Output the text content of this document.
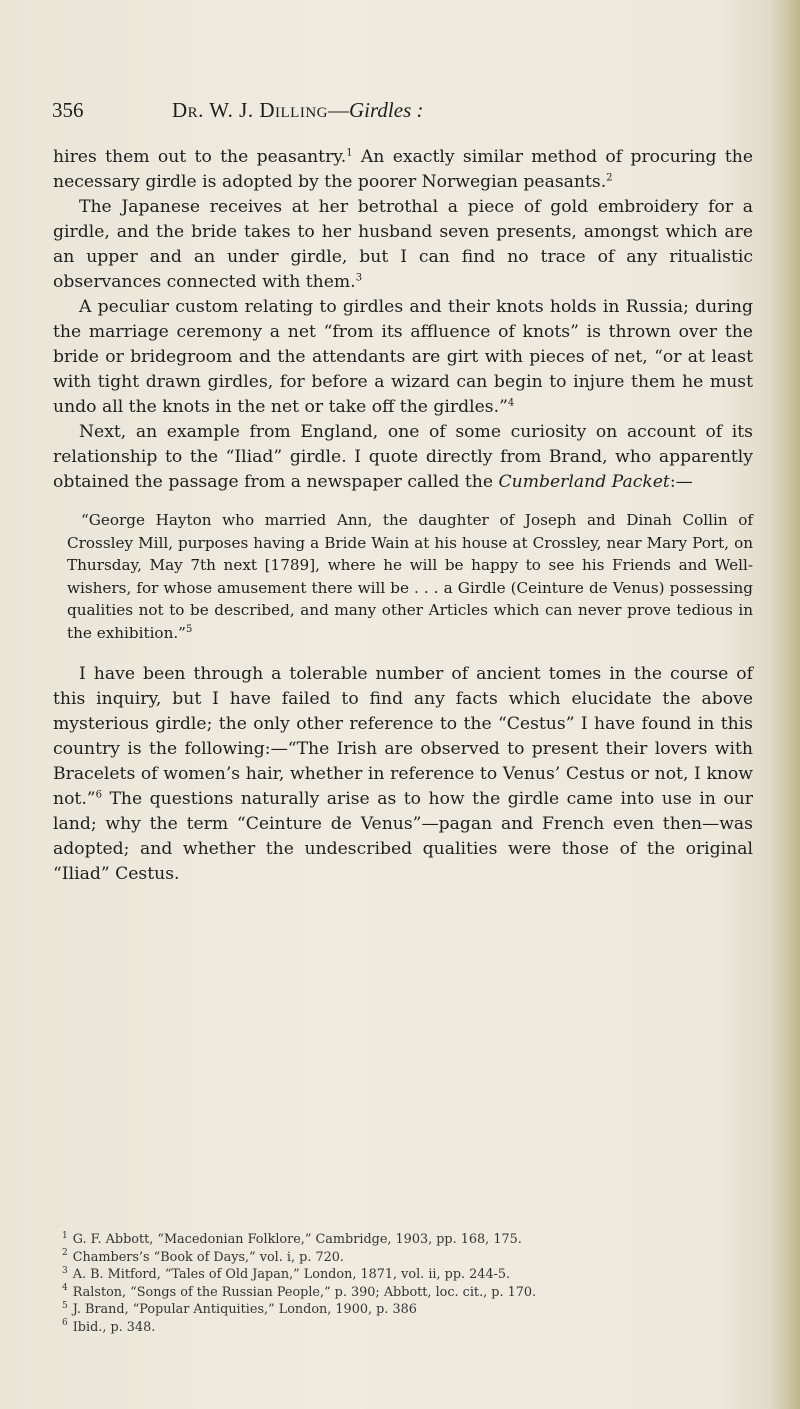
356	Dr. W. J. Dilling—Girdles :

hires them out to the peasantry.$^1$ An exactly similar method of procuring the necessary girdle is adopted by the poorer Norwegian peasants.$^2$

The Japanese receives at her betrothal a piece of gold embroidery for a girdle, and the bride takes to her husband seven presents, amongst which are an upper and an under girdle, but I can find no trace of any ritualistic observances connected with them.$^3$

A peculiar custom relating to girdles and their knots holds in Russia; during the marriage ceremony a net “from its affluence of knots” is thrown over the bride or bridegroom and the attendants are girt with pieces of net, “or at least with tight drawn girdles, for before a wizard can begin to injure them he must undo all the knots in the net or take off the girdles.”$^4$

Next, an example from England, one of some curiosity on account of its relationship to the “Iliad” girdle. I quote directly from Brand, who apparently obtained the passage from a newspaper called the Cumberland Packet:—

“George Hayton who married Ann, the daughter of Joseph and Dinah Collin of Crossley Mill, purposes having a Bride Wain at his house at Crossley, near Mary Port, on Thursday, May 7th next [1789], where he will be happy to see his Friends and Well-wishers, for whose amusement there will be . . . a Girdle (Ceinture de Venus) possessing qualities not to be described, and many other Articles which can never prove tedious in the exhibition.”$^5$

I have been through a tolerable number of ancient tomes in the course of this inquiry, but I have failed to find any facts which elucidate the above mysterious girdle; the only other reference to the “Cestus” I have found in this country is the following:—“The Irish are observed to present their lovers with Bracelets of women’s hair, whether in reference to Venus’ Cestus or not, I know not.”$^6$ The questions naturally arise as to how the girdle came into use in our land; why the term “Ceinture de Venus”—pagan and French even then—was adopted; and whether the undescribed qualities were those of the original “Iliad” Cestus.

$^1$ G. F. Abbott, “Macedonian Folklore,” Cambridge, 1903, pp. 168, 175.
$^2$ Chambers’s “Book of Days,” vol. i, p. 720.
$^3$ A. B. Mitford, “Tales of Old Japan,” London, 1871, vol. ii, pp. 244-5.
$^4$ Ralston, “Songs of the Russian People,” p. 390; Abbott, loc. cit., p. 170.
$^5$ J. Brand, “Popular Antiquities,” London, 1900, p. 386
$^6$ Ibid., p. 348.
